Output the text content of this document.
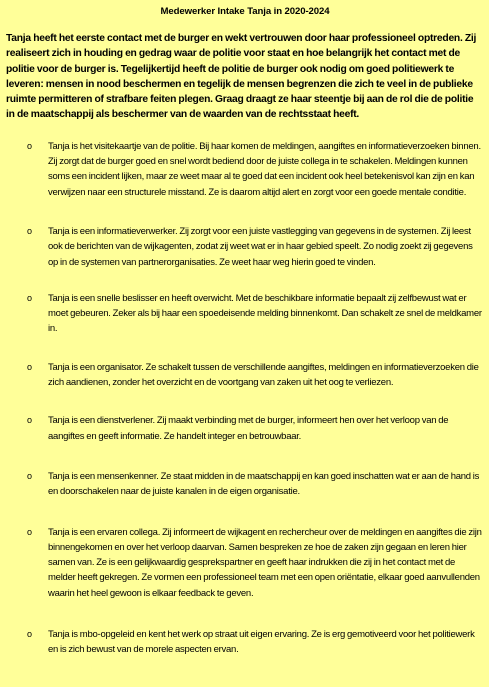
Medewerker Intake Tanja in 2020-2024
Tanja heeft het eerste contact met de burger en wekt vertrouwen door haar professioneel optreden. Zij realiseert zich in houding en gedrag waar de politie voor staat en hoe belangrijk het contact met de politie voor de burger is. Tegelijkertijd heeft de politie de burger ook nodig om goed politiewerk te leveren: mensen in nood beschermen en tegelijk de mensen begrenzen die zich te veel in de publieke ruimte permitteren of strafbare feiten plegen. Graag draagt ze haar steentje bij aan de rol die de politie in de maatschappij als beschermer van de waarden van de rechtsstaat heeft.
o Tanja is het visitekaartje van de politie. Bij haar komen de meldingen, aangiftes en informatieverzoeken binnen. Zij zorgt dat de burger goed en snel wordt bediend door de juiste collega in te schakelen. Meldingen kunnen soms een incident lijken, maar ze weet maar al te goed dat een incident ook heel betekenisvol kan zijn en kan verwijzen naar een structurele misstand. Ze is daarom altijd alert en zorgt voor een goede mentale conditie.
o Tanja is een informatieverwerker. Zij zorgt voor een juiste vastlegging van gegevens in de systemen. Zij leest ook de berichten van de wijkagenten, zodat zij weet wat er in haar gebied speelt. Zo nodig zoekt zij gegevens op in de systemen van partnerorganisaties. Ze weet haar weg hierin goed te vinden.
o Tanja is een snelle beslisser en heeft overwicht. Met de beschikbare informatie bepaalt zij zelfbewust wat er moet gebeuren. Zeker als bij haar een spoedeisende melding binnenkomt. Dan schakelt ze snel de meldkamer in.
o Tanja is een organisator. Ze schakelt tussen de verschillende aangiftes, meldingen en informatieverzoeken die zich aandienen, zonder het overzicht en de voortgang van zaken uit het oog te verliezen.
o Tanja is een dienstverlener. Zij maakt verbinding met de burger, informeert hen over het verloop van de aangiftes en geeft informatie. Ze handelt integer en betrouwbaar.
o Tanja is een mensenkenner. Ze staat midden in de maatschappij en kan goed inschatten wat er aan de hand is en doorschakelen naar de juiste kanalen in de eigen organisatie.
o Tanja is een ervaren collega. Zij informeert de wijkagent en rechercheur over de meldingen en aangiftes die zijn binnengekomen en over het verloop daarvan. Samen bespreken ze hoe de zaken zijn gegaan en leren hier samen van. Ze is een gelijkwaardig gesprekspartner en geeft haar indrukken die zij in het contact met de melder heeft gekregen. Ze vormen een professioneel team met een open oriëntatie, elkaar goed aanvullenden waarin het heel gewoon is elkaar feedback te geven.
o Tanja is mbo-opgeleid en kent het werk op straat uit eigen ervaring. Ze is erg gemotiveerd voor het politiewerk en is zich bewust van de morele aspecten ervan.
